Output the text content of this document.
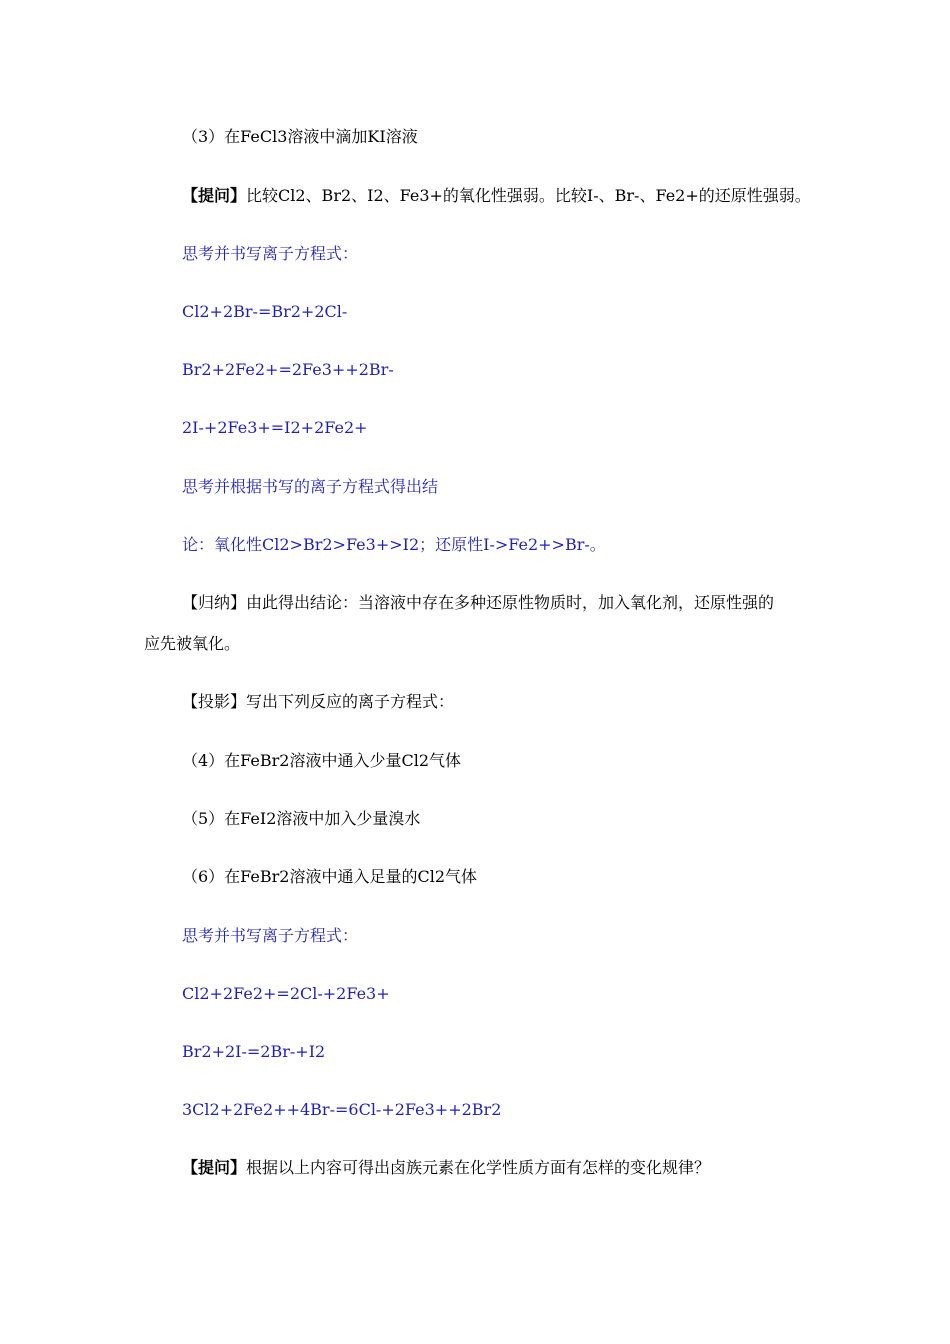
（3）在FeCl3溶液中滴加KI溶液
【提问】比较Cl2、Br2、I2、Fe3+的氧化性强弱。比较I-、Br-、Fe2+的还原性强弱。
思考并书写离子方程式：
Cl2+2Br-=Br2+2Cl-
Br2+2Fe2+=2Fe3++2Br-
2I-+2Fe3+=I2+2Fe2+
思考并根据书写的离子方程式得出结
论：氧化性Cl2>Br2>Fe3+>I2；还原性I->Fe2+>Br-。
【归纳】由此得出结论：当溶液中存在多种还原性物质时，加入氧化剂，还原性强的
应先被氧化。
【投影】写出下列反应的离子方程式：
（4）在FeBr2溶液中通入少量Cl2气体
（5）在FeI2溶液中加入少量溴水
（6）在FeBr2溶液中通入足量的Cl2气体
思考并书写离子方程式：
Cl2+2Fe2+=2Cl-+2Fe3+
Br2+2I-=2Br-+I2
3Cl2+2Fe2++4Br-=6Cl-+2Fe3++2Br2
【提问】根据以上内容可得出卤族元素在化学性质方面有怎样的变化规律？
